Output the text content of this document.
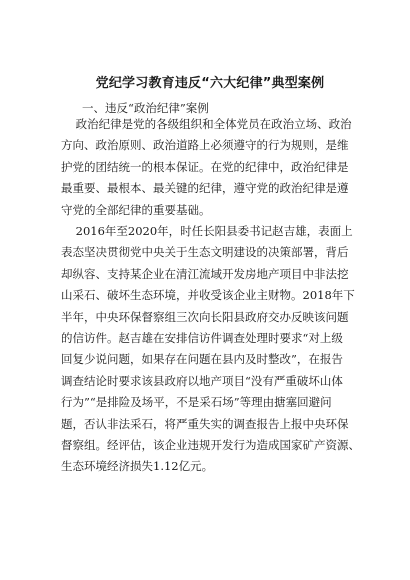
党纪学习教育违反“六大纪律”典型案例
一、违反“政治纪律”案例
政治纪律是党的各级组织和全体党员在政治立场、政治
方向、政治原则、政治道路上必须遵守的行为规则，是维
护党的团结统一的根本保证。在党的纪律中，政治纪律是
最重要、最根本、最关键的纪律，遵守党的政治纪律是遵
守党的全部纪律的重要基础。
2016年至2020年，时任长阳县委书记赵吉雄，表面上
表态坚决贯彻党中央关于生态文明建设的决策部署，背后
却纵容、支持某企业在清江流域开发房地产项目中非法挖
山采石、破坏生态环境，并收受该企业主财物。2018年下
半年，中央环保督察组三次向长阳县政府交办反映该问题
的信访件。赵吉雄在安排信访件调查处理时要求“对上级
回复少说问题，如果存在问题在县内及时整改”，在报告
调查结论时要求该县政府以地产项目“没有严重破坏山体
行为”“是排险及场平，不是采石场”等理由搪塞回避问
题，否认非法采石，将严重失实的调查报告上报中央环保
督察组。经评估，该企业违规开发行为造成国家矿产资源、
生态环境经济损失1.12亿元。
